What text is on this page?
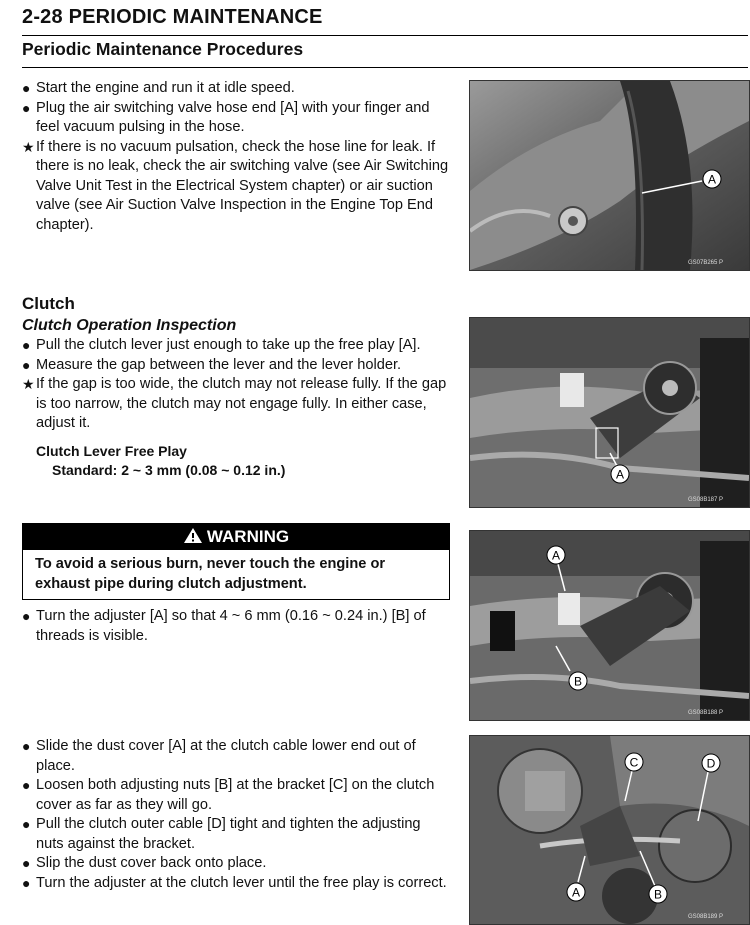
2-28 PERIODIC MAINTENANCE
Periodic Maintenance Procedures
● Start the engine and run it at idle speed.
● Plug the air switching valve hose end [A] with your finger and feel vacuum pulsing in the hose.
★ If there is no vacuum pulsation, check the hose line for leak. If there is no leak, check the air switching valve (see Air Switching Valve Unit Test in the Electrical System chapter) or air suction valve (see Air Suction Valve Inspection in the Engine Top End chapter).
Clutch
Clutch Operation Inspection
● Pull the clutch lever just enough to take up the free play [A].
● Measure the gap between the lever and the lever holder.
★ If the gap is too wide, the clutch may not release fully. If the gap is too narrow, the clutch may not engage fully. In either case, adjust it.
Clutch Lever Free Play
Standard: 2 ~ 3 mm (0.08 ~ 0.12 in.)
WARNING
To avoid a serious burn, never touch the engine or exhaust pipe during clutch adjustment.
● Turn the adjuster [A] so that 4 ~ 6 mm (0.16 ~ 0.24 in.) [B] of threads is visible.
● Slide the dust cover [A] at the clutch cable lower end out of place.
● Loosen both adjusting nuts [B] at the bracket [C] on the clutch cover as far as they will go.
● Pull the clutch outer cable [D] tight and tighten the adjusting nuts against the bracket.
● Slip the dust cover back onto place.
● Turn the adjuster at the clutch lever until the free play is correct.
A
GS07B265 P
A
GS08B187 P
A
B
GS08B188 P
C	D
A	B
GS08B189 P
